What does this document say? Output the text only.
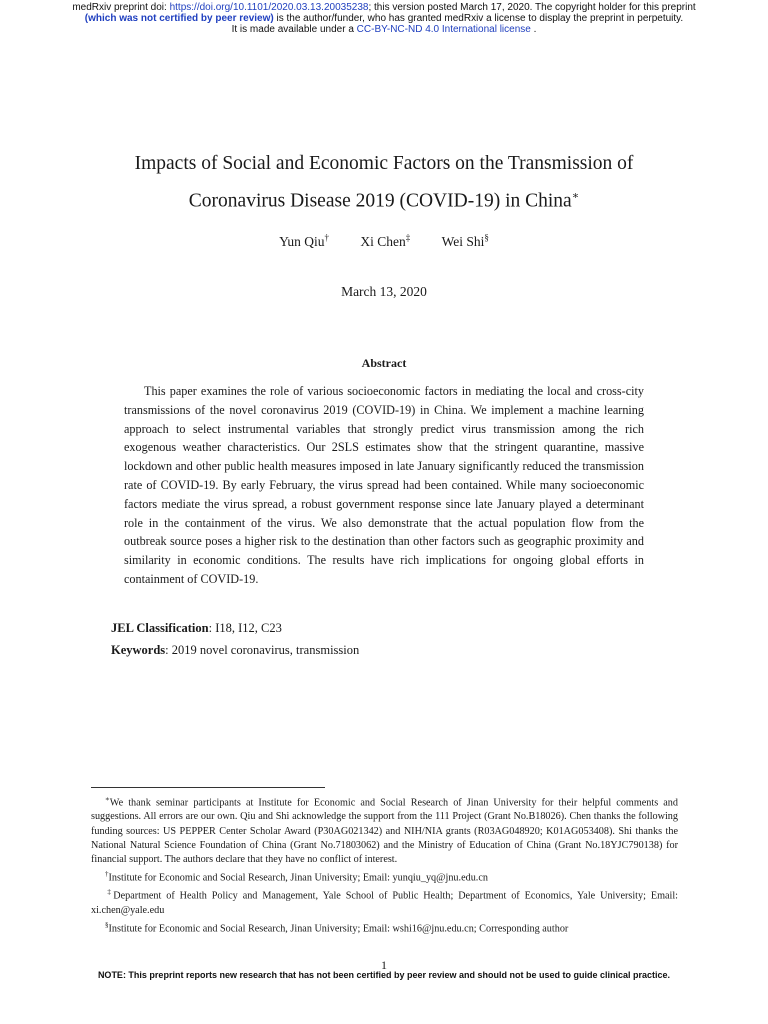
medRxiv preprint doi: https://doi.org/10.1101/2020.03.13.20035238; this version posted March 17, 2020. The copyright holder for this preprint
(which was not certified by peer review) is the author/funder, who has granted medRxiv a license to display the preprint in perpetuity.
It is made available under a CC-BY-NC-ND 4.0 International license .
Impacts of Social and Economic Factors on the Transmission of
Coronavirus Disease 2019 (COVID-19) in China∗
Yun Qiu† Xi Chen‡ Wei Shi§
March 13, 2020
Abstract
This paper examines the role of various socioeconomic factors in mediating the local and cross-city transmissions of the novel coronavirus 2019 (COVID-19) in China. We implement a machine learning approach to select instrumental variables that strongly predict virus transmission among the rich exogenous weather characteristics. Our 2SLS estimates show that the stringent quarantine, massive lockdown and other public health measures imposed in late January significantly reduced the transmission rate of COVID-19. By early February, the virus spread had been contained. While many socioeconomic factors mediate the virus spread, a robust government response since late January played a determinant role in the containment of the virus. We also demonstrate that the actual population flow from the outbreak source poses a higher risk to the destination than other factors such as geographic proximity and similarity in economic conditions. The results have rich implications for ongoing global efforts in containment of COVID-19.
JEL Classification: I18, I12, C23
Keywords: 2019 novel coronavirus, transmission

∗We thank seminar participants at Institute for Economic and Social Research of Jinan University for their helpful comments and suggestions. All errors are our own. Qiu and Shi acknowledge the support from the 111 Project (Grant No.B18026). Chen thanks the following funding sources: US PEPPER Center Scholar Award (P30AG021342) and NIH/NIA grants (R03AG048920; K01AG053408). Shi thanks the National Natural Science Foundation of China (Grant No.71803062) and the Ministry of Education of China (Grant No.18YJC790138) for financial support. The authors declare that they have no conflict of interest.

†Institute for Economic and Social Research, Jinan University; Email: yunqiu_yq@jnu.edu.cn

‡Department of Health Policy and Management, Yale School of Public Health; Department of Economics, Yale University; Email: xi.chen@yale.edu

§Institute for Economic and Social Research, Jinan University; Email: wshi16@jnu.edu.cn; Corresponding author

1
NOTE: This preprint reports new research that has not been certified by peer review and should not be used to guide clinical practice.
